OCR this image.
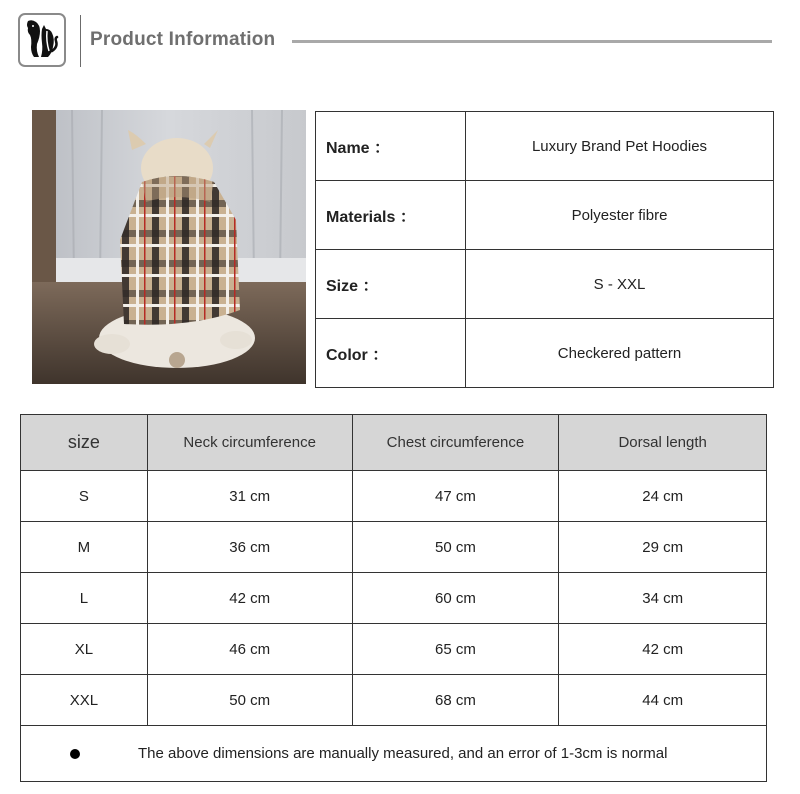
Product Information
Name ：	Luxury Brand Pet Hoodies
Materials ：	Polyester fibre
Size ：	S - XXL
Color ：	Checkered pattern
size	Neck circumference	Chest circumference	Dorsal length
S	31 cm	47 cm	24 cm
M	36 cm	50 cm	29 cm
L	42 cm	60 cm	34 cm
XL	46 cm	65 cm	42 cm
XXL	50 cm	68 cm	44 cm

The above dimensions are manually measured, and an error of 1-3cm is normal			
